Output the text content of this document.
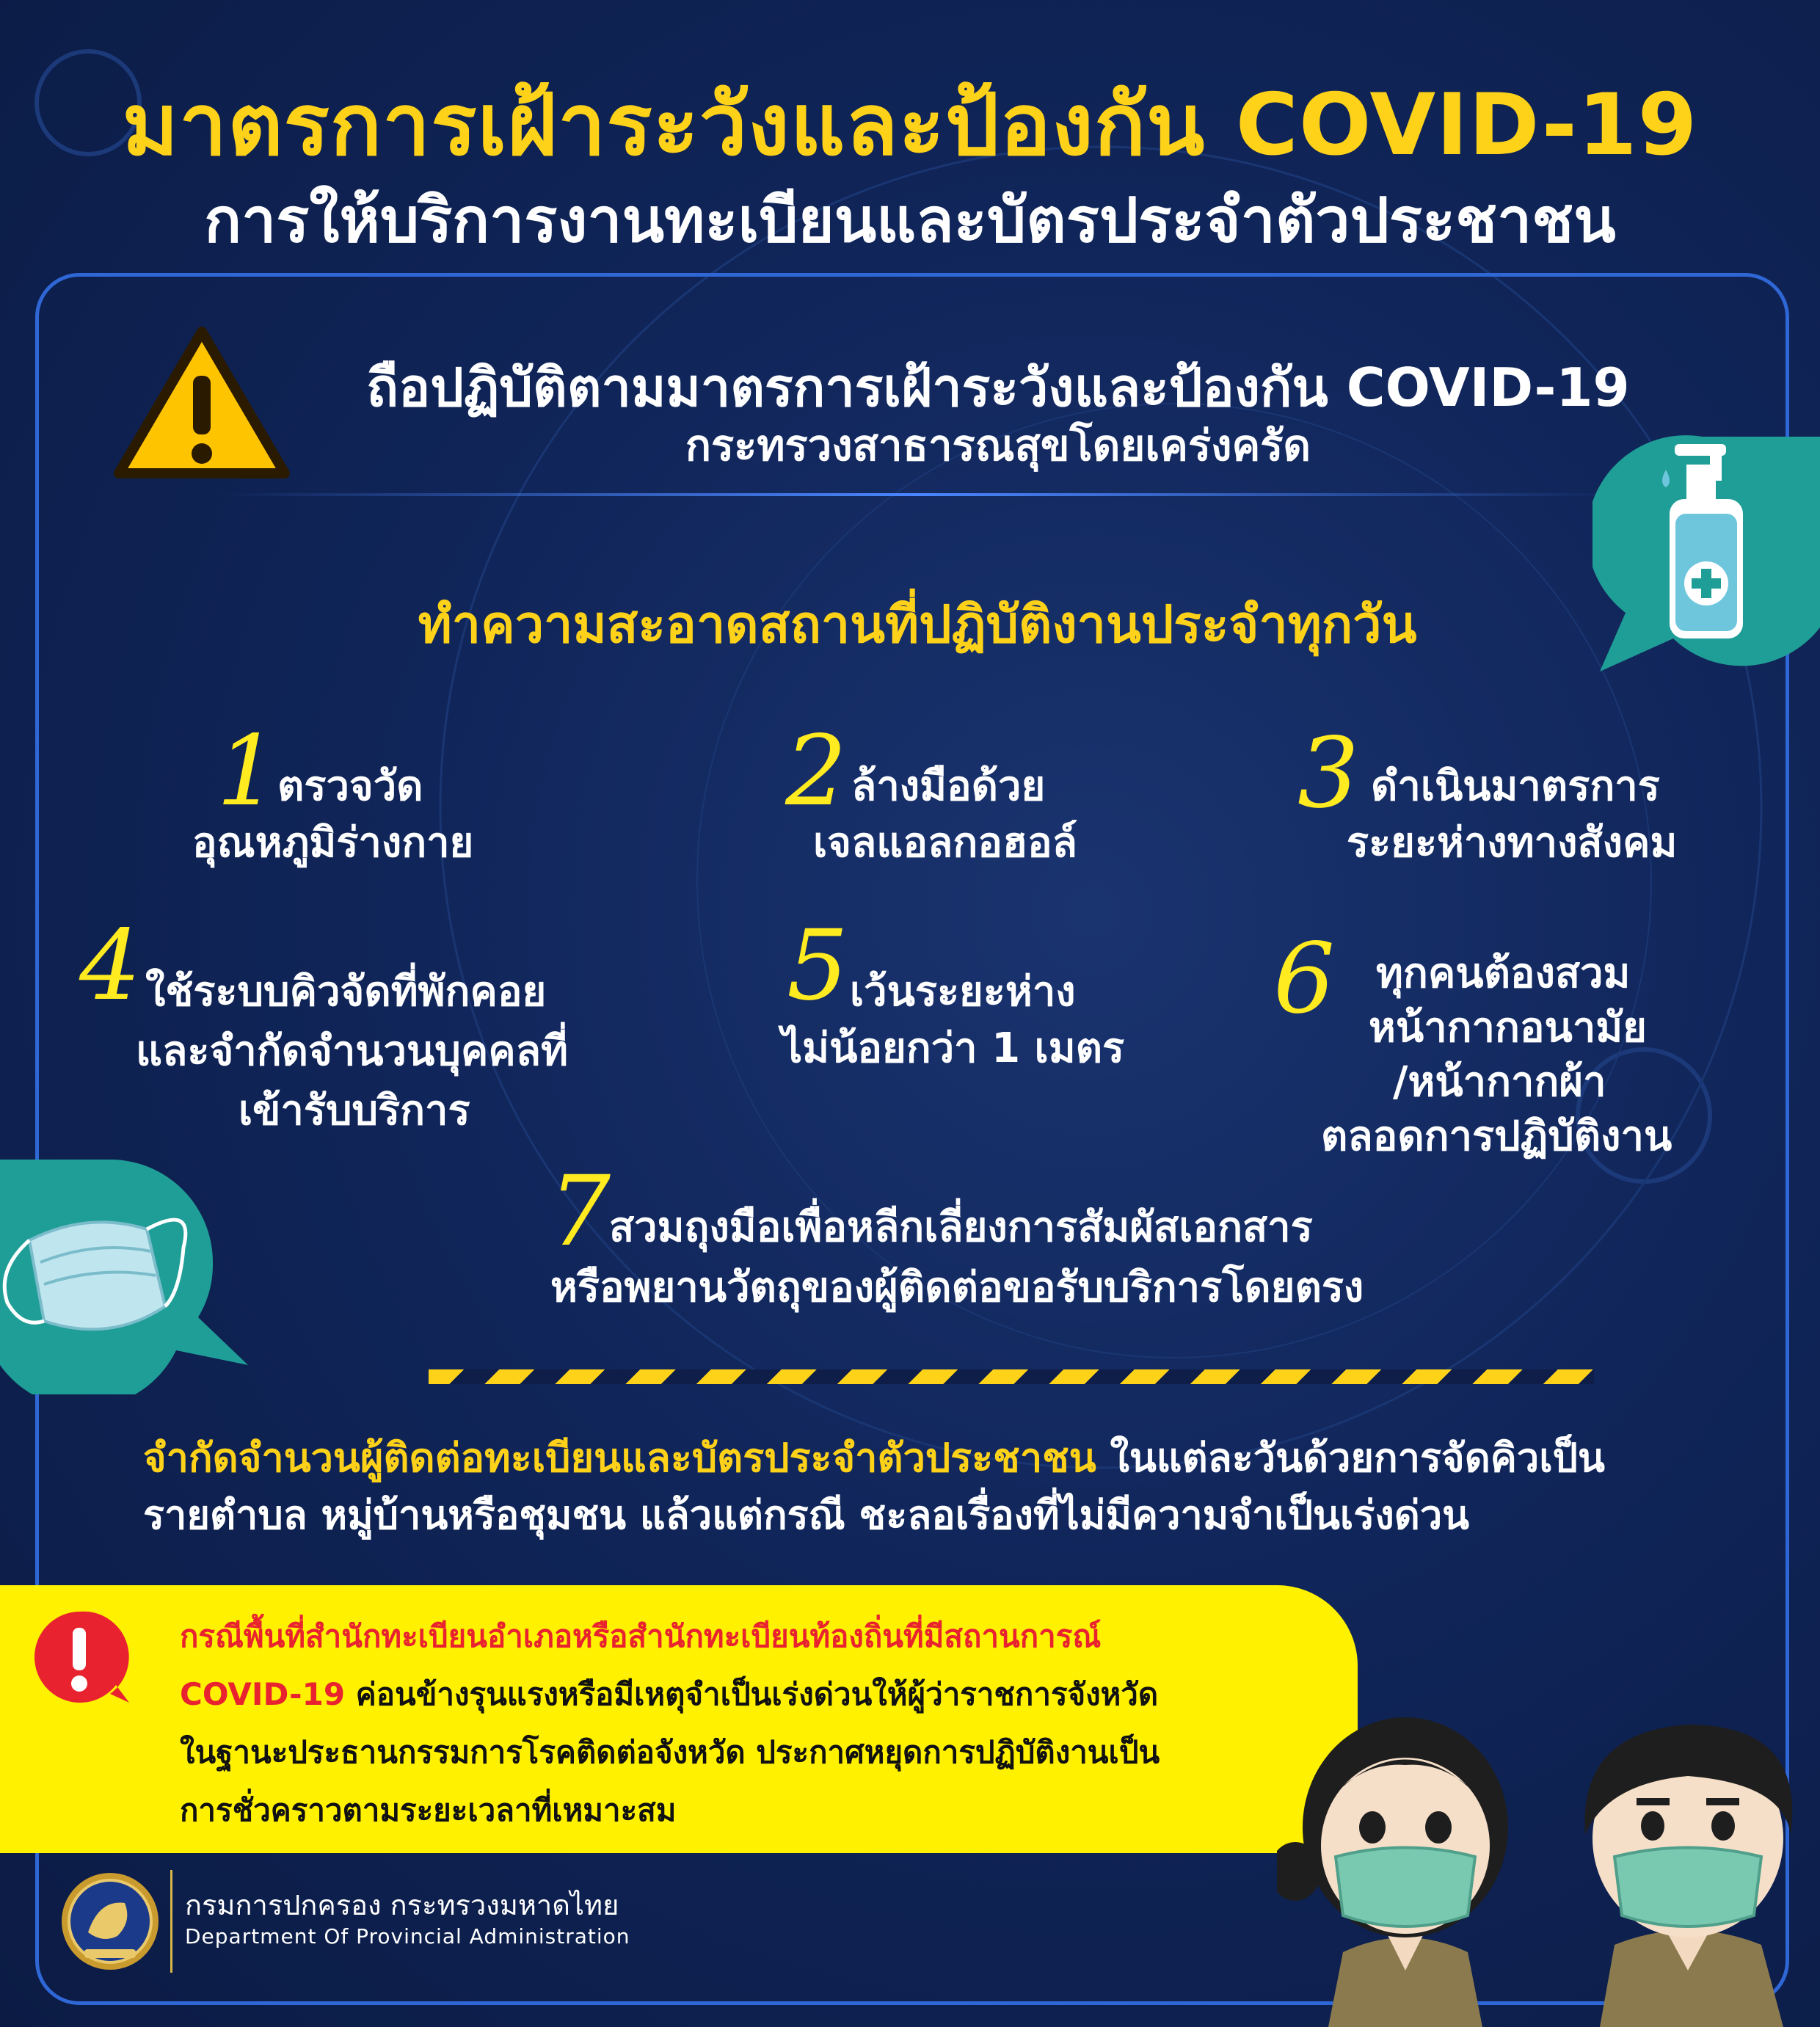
มาตรการเฝ้าระวังและป้องกัน COVID-19
การให้บริการงานทะเบียนและบัตรประจำตัวประชาชน
ถือปฏิบัติตามมาตรการเฝ้าระวังและป้องกัน COVID-19
กระทรวงสาธารณสุขโดยเคร่งครัด
ทำความสะอาดสถานที่ปฏิบัติงานประจำทุกวัน
1 ตรวจวัด
อุณหภูมิร่างกาย
2 ล้างมือด้วย
เจลแอลกอฮอล์
3 ดำเนินมาตรการ
ระยะห่างทางสังคม
4 ใช้ระบบคิวจัดที่พักคอย
และจำกัดจำนวนบุคคลที่
เข้ารับบริการ
5 เว้นระยะห่าง
ไม่น้อยกว่า 1 เมตร
6 ทุกคนต้องสวม
หน้ากากอนามัย
/หน้ากากผ้า
ตลอดการปฏิบัติงาน
7
สวมถุงมือเพื่อหลีกเลี่ยงการสัมผัสเอกสาร
หรือพยานวัตถุของผู้ติดต่อขอรับบริการโดยตรง
จำกัดจำนวนผู้ติดต่อทะเบียนและบัตรประจำตัวประชาชน ในแต่ละวันด้วยการจัดคิวเป็น
รายตำบล หมู่บ้านหรือชุมชน แล้วแต่กรณี ชะลอเรื่องที่ไม่มีความจำเป็นเร่งด่วน
กรณีพื้นที่สำนักทะเบียนอำเภอหรือสำนักทะเบียนท้องถิ่นที่มีสถานการณ์
COVID-19 ค่อนข้างรุนแรงหรือมีเหตุจำเป็นเร่งด่วนให้ผู้ว่าราชการจังหวัด
ในฐานะประธานกรรมการโรคติดต่อจังหวัด ประกาศหยุดการปฏิบัติงานเป็น
การชั่วคราวตามระยะเวลาที่เหมาะสม
กรมการปกครอง กระทรวงมหาดไทย
Department Of Provincial Administration
